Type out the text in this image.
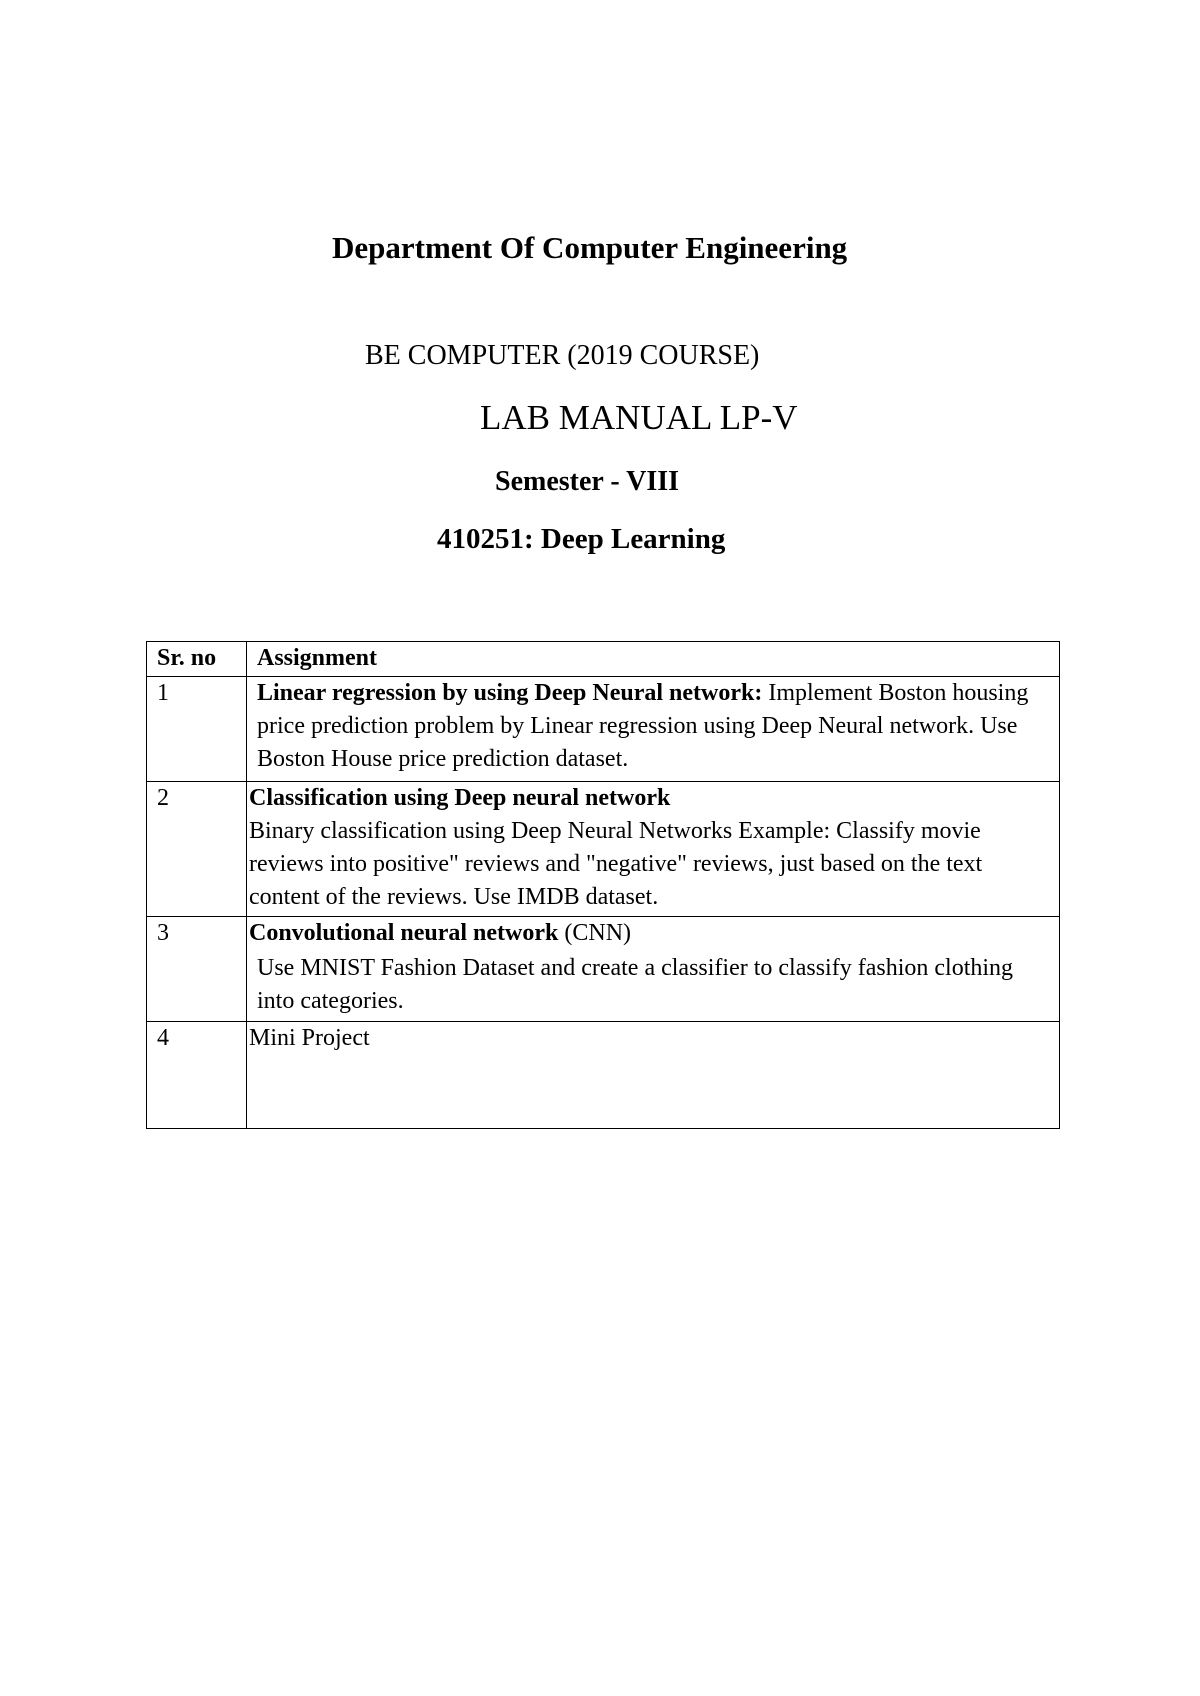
Department Of Computer Engineering
BE COMPUTER (2019 COURSE)
LAB MANUAL LP-V
Semester - VIII
410251: Deep Learning
Sr. no	Assignment
1	Linear regression by using Deep Neural network: Implement Boston housing price prediction problem by Linear regression using Deep Neural network. Use Boston House price prediction dataset.
2	Classification using Deep neural network
Binary classification using Deep Neural Networks Example: Classify movie reviews into positive" reviews and "negative" reviews, just based on the text content of the reviews. Use IMDB dataset.

3	Convolutional neural network (CNN)
Use MNIST Fashion Dataset and create a classifier to classify fashion clothing into categories.

4	Mini Project
